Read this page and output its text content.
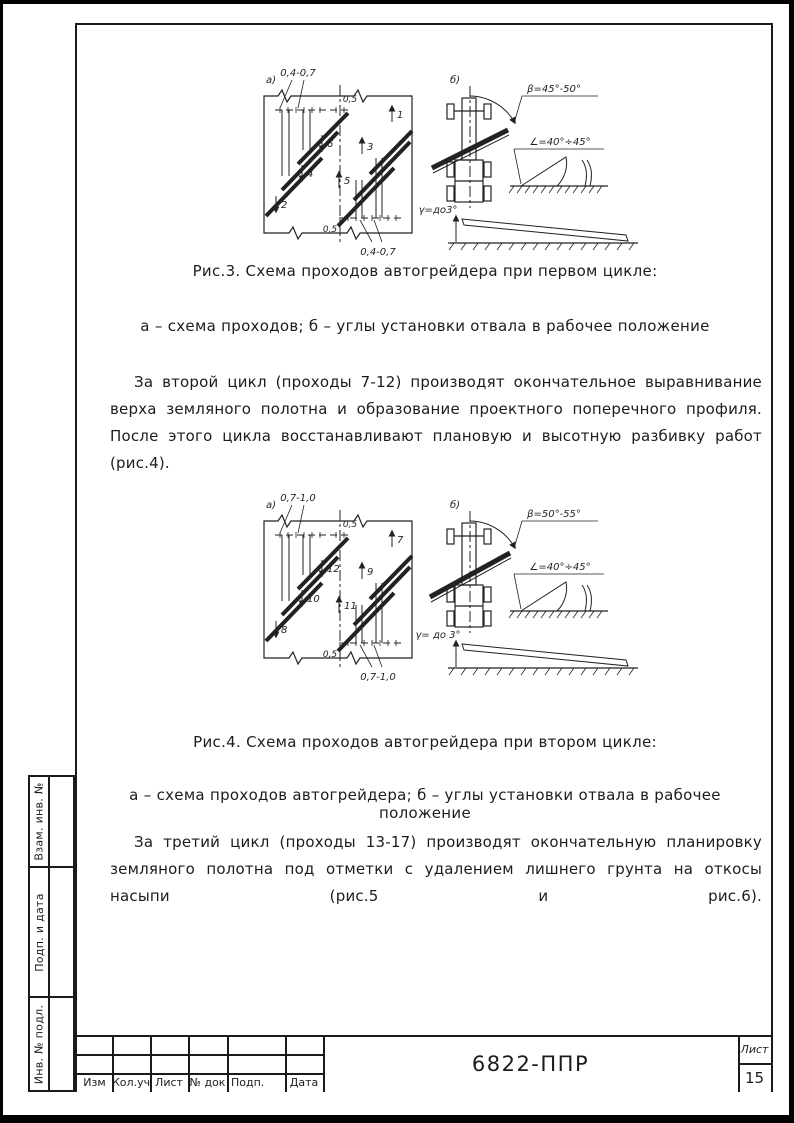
а)
0,4-0,7
0,5
0,5
0,4-0,7
1
2
3
4
5
6
б)
β=45°-50°
∠=40°÷45°
γ=до3°
Рис.3. Схема проходов автогрейдера при первом цикле:
а – схема проходов; б – углы установки отвала в рабочее положение
За второй цикл (проходы 7-12) производят окончательное выравнивание верха земляного полотна и образование проектного поперечного профиля. После этого цикла восстанавливают плановую и высотную разбивку работ (рис.4).
а)
0,7-1,0
0,5
0,5
0,7-1,0
7
8
9
10
11
12
б)
β=50°-55°
∠=40°÷45°
γ= до 3°
Рис.4. Схема проходов автогрейдера при втором цикле:
а – схема проходов автогрейдера; б – углы установки отвала в рабочее положение
За третий цикл (проходы 13-17) производят окончательную планировку земляного полотна под отметки с удалением лишнего грунта на откосы насыпи (рис.5 и рис.6).
Взам. инв. №
Подп. и дата
Инв. № подл.	Изм Кол.уч Лист № док Подп.	Дата
6822-ППР
Лист
15
